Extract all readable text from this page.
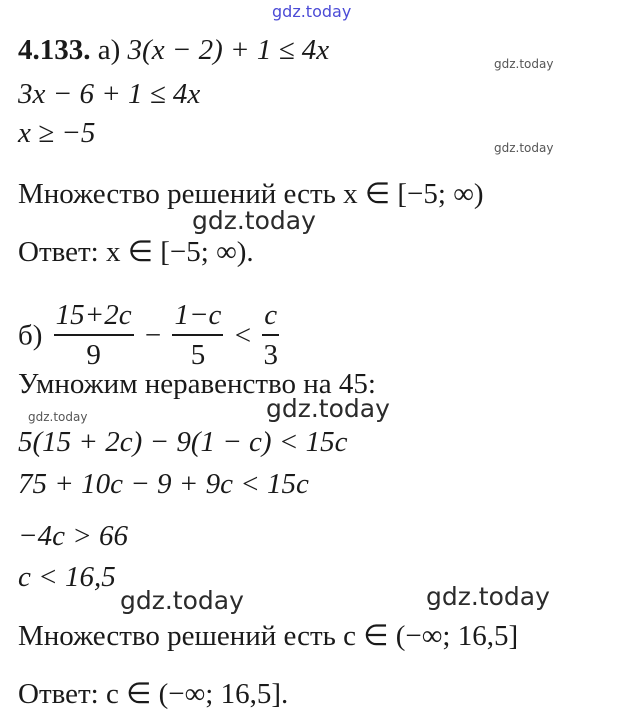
gdz.today
gdz.today
gdz.today
gdz.today
gdz.today	gdz.today
gdz.today	gdz.today
4.133. а) 3(x − 2) + 1 ≤ 4x
3x − 6 + 1 ≤ 4x
x ≥ −5
Множество решений есть x ∈ [−5; ∞)
Ответ: x ∈ [−5; ∞).
$б) \frac{15+2c}{9} - \frac{1-c}{5} < \frac{c}{3}$
Умножим неравенство на 45:
5(15 + 2c) − 9(1 − c) < 15c
75 + 10c − 9 + 9c < 15c
−4c > 66
c < 16,5
Множество решений есть c ∈ (−∞; 16,5]
Ответ: c ∈ (−∞; 16,5].
